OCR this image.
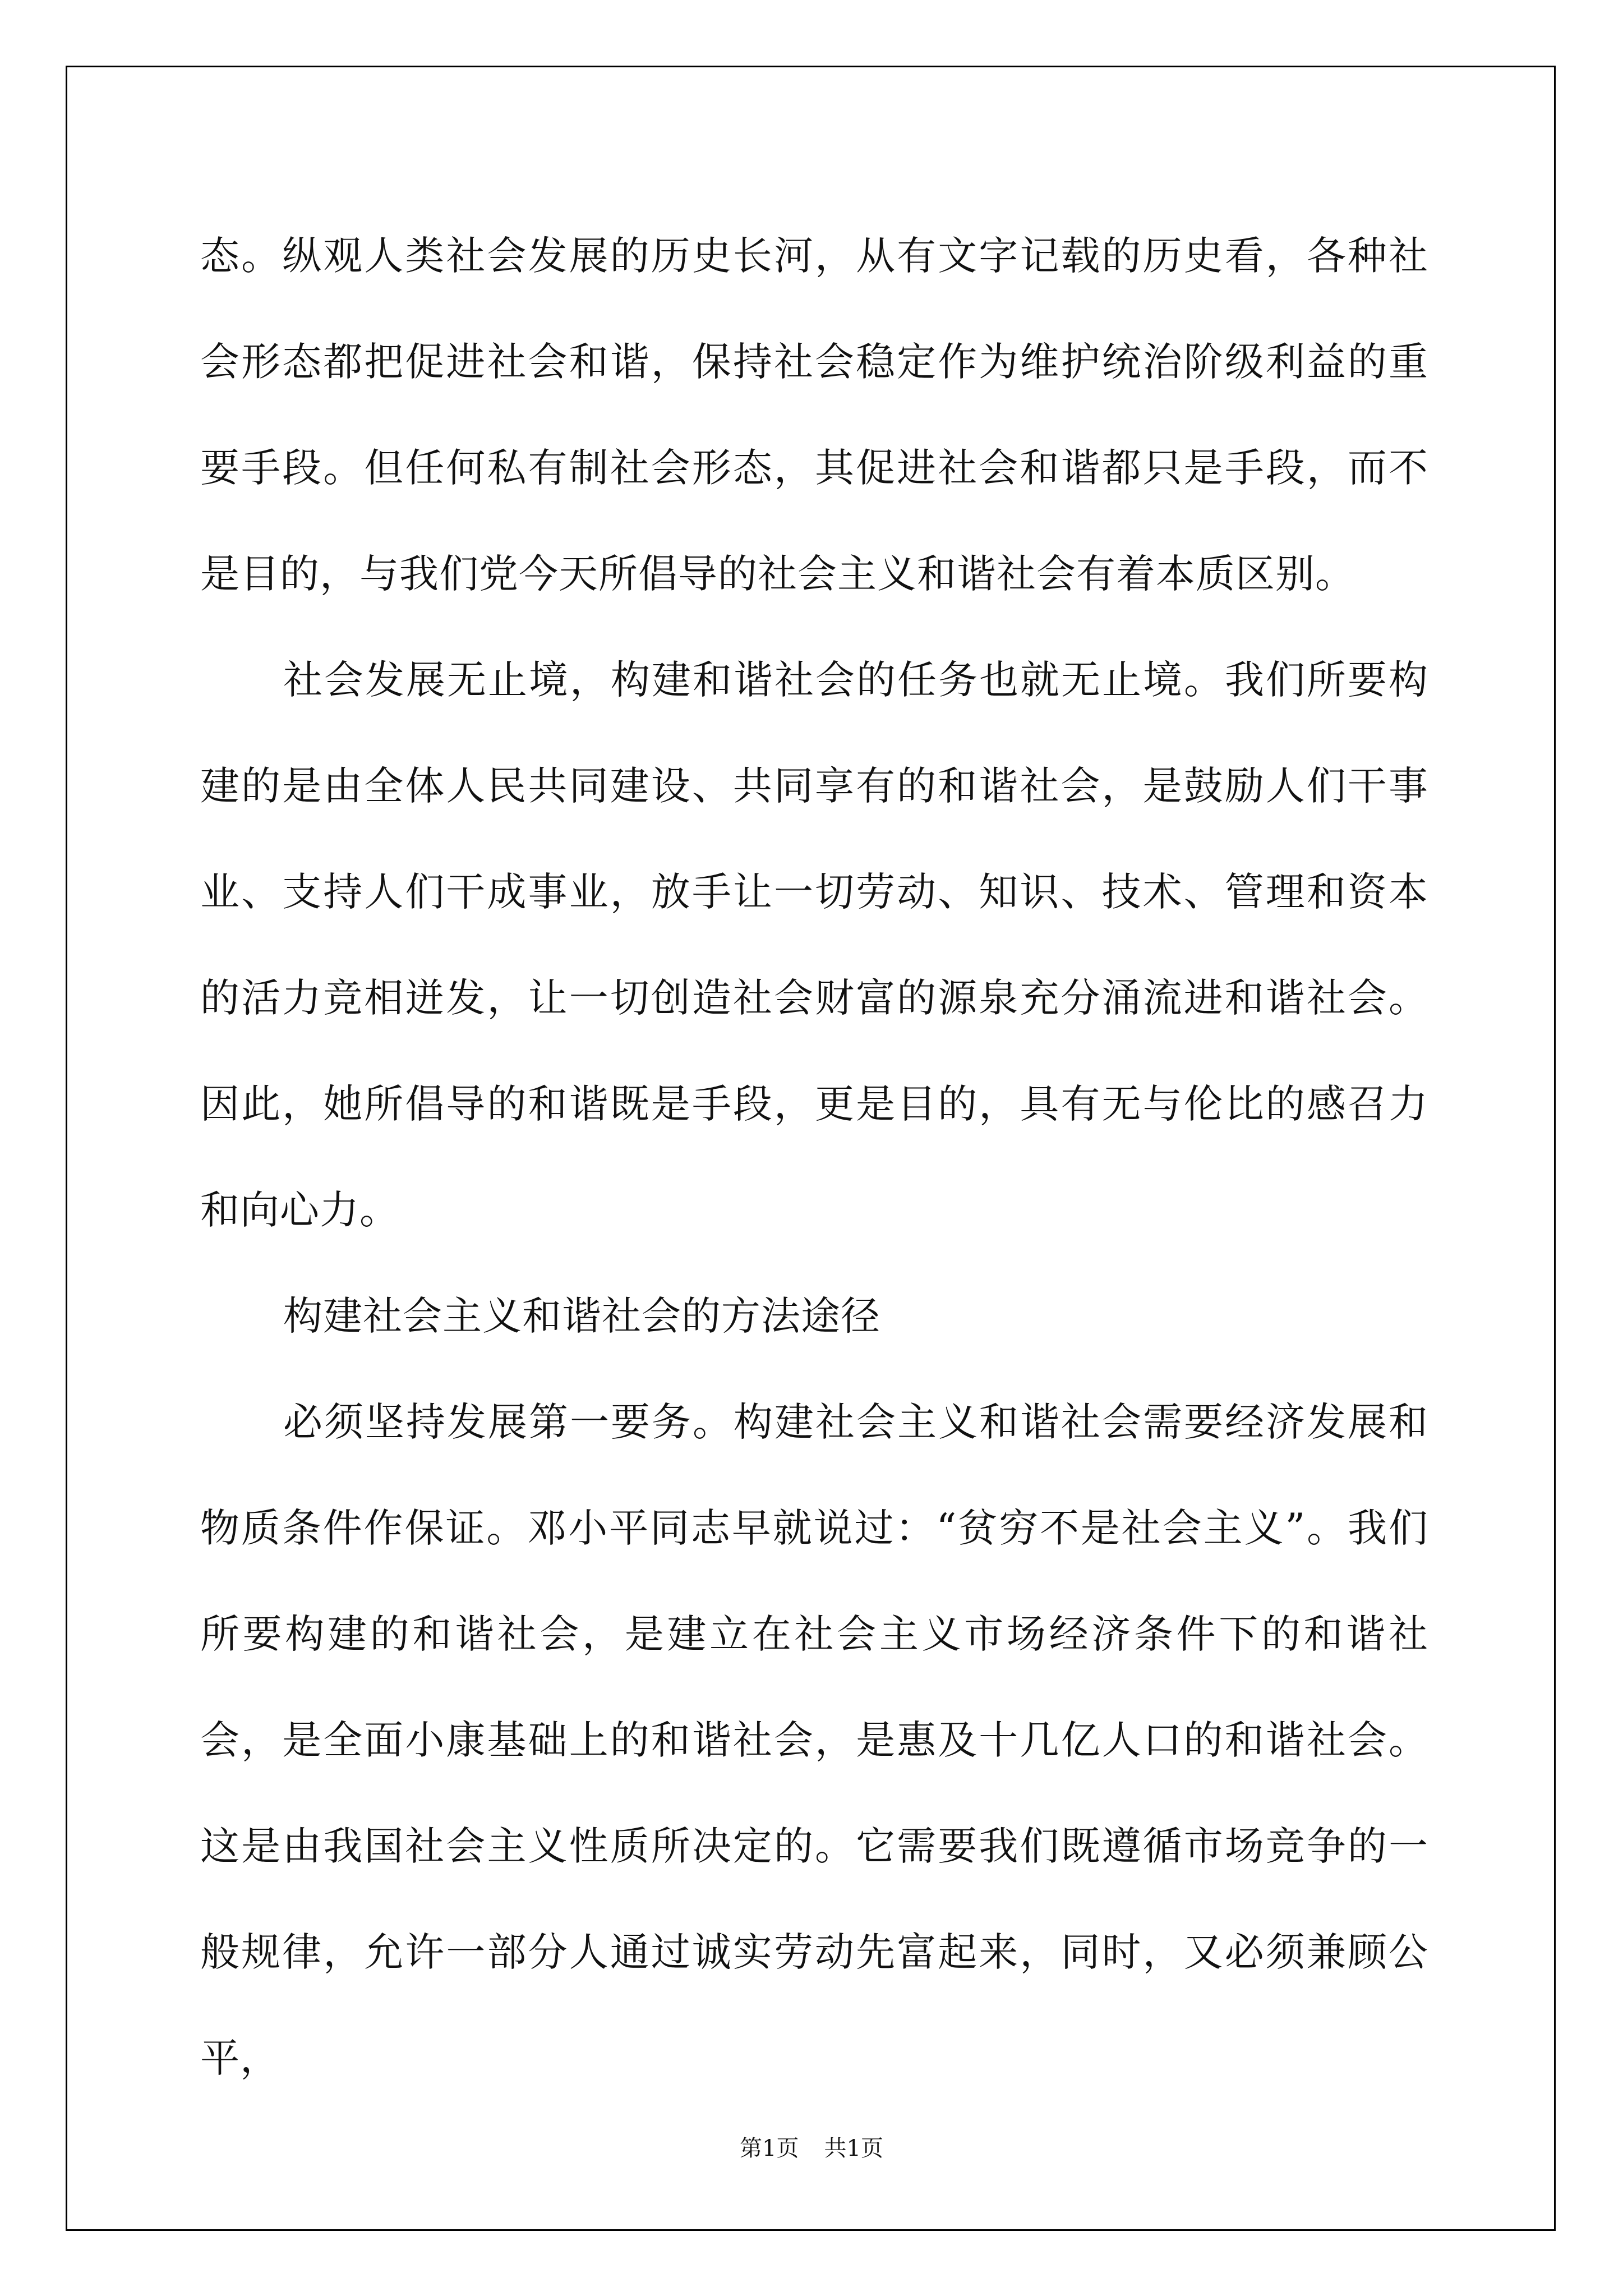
态。纵观人类社会发展的历史长河，从有文字记载的历史看，各种社会形态都把促进社会和谐，保持社会稳定作为维护统治阶级利益的重要手段。但任何私有制社会形态，其促进社会和谐都只是手段，而不是目的，与我们党今天所倡导的社会主义和谐社会有着本质区别。

社会发展无止境，构建和谐社会的任务也就无止境。我们所要构建的是由全体人民共同建设、共同享有的和谐社会，是鼓励人们干事业、支持人们干成事业，放手让一切劳动、知识、技术、管理和资本的活力竞相迸发，让一切创造社会财富的源泉充分涌流进和谐社会。因此，她所倡导的和谐既是手段，更是目的，具有无与伦比的感召力和向心力。

构建社会主义和谐社会的方法途径

必须坚持发展第一要务。构建社会主义和谐社会需要经济发展和物质条件作保证。邓小平同志早就说过：“贫穷不是社会主义”。我们所要构建的和谐社会，是建立在社会主义市场经济条件下的和谐社会，是全面小康基础上的和谐社会，是惠及十几亿人口的和谐社会。这是由我国社会主义性质所决定的。它需要我们既遵循市场竞争的一般规律，允许一部分人通过诚实劳动先富起来，同时，又必须兼顾公平，

第1页 共1页
